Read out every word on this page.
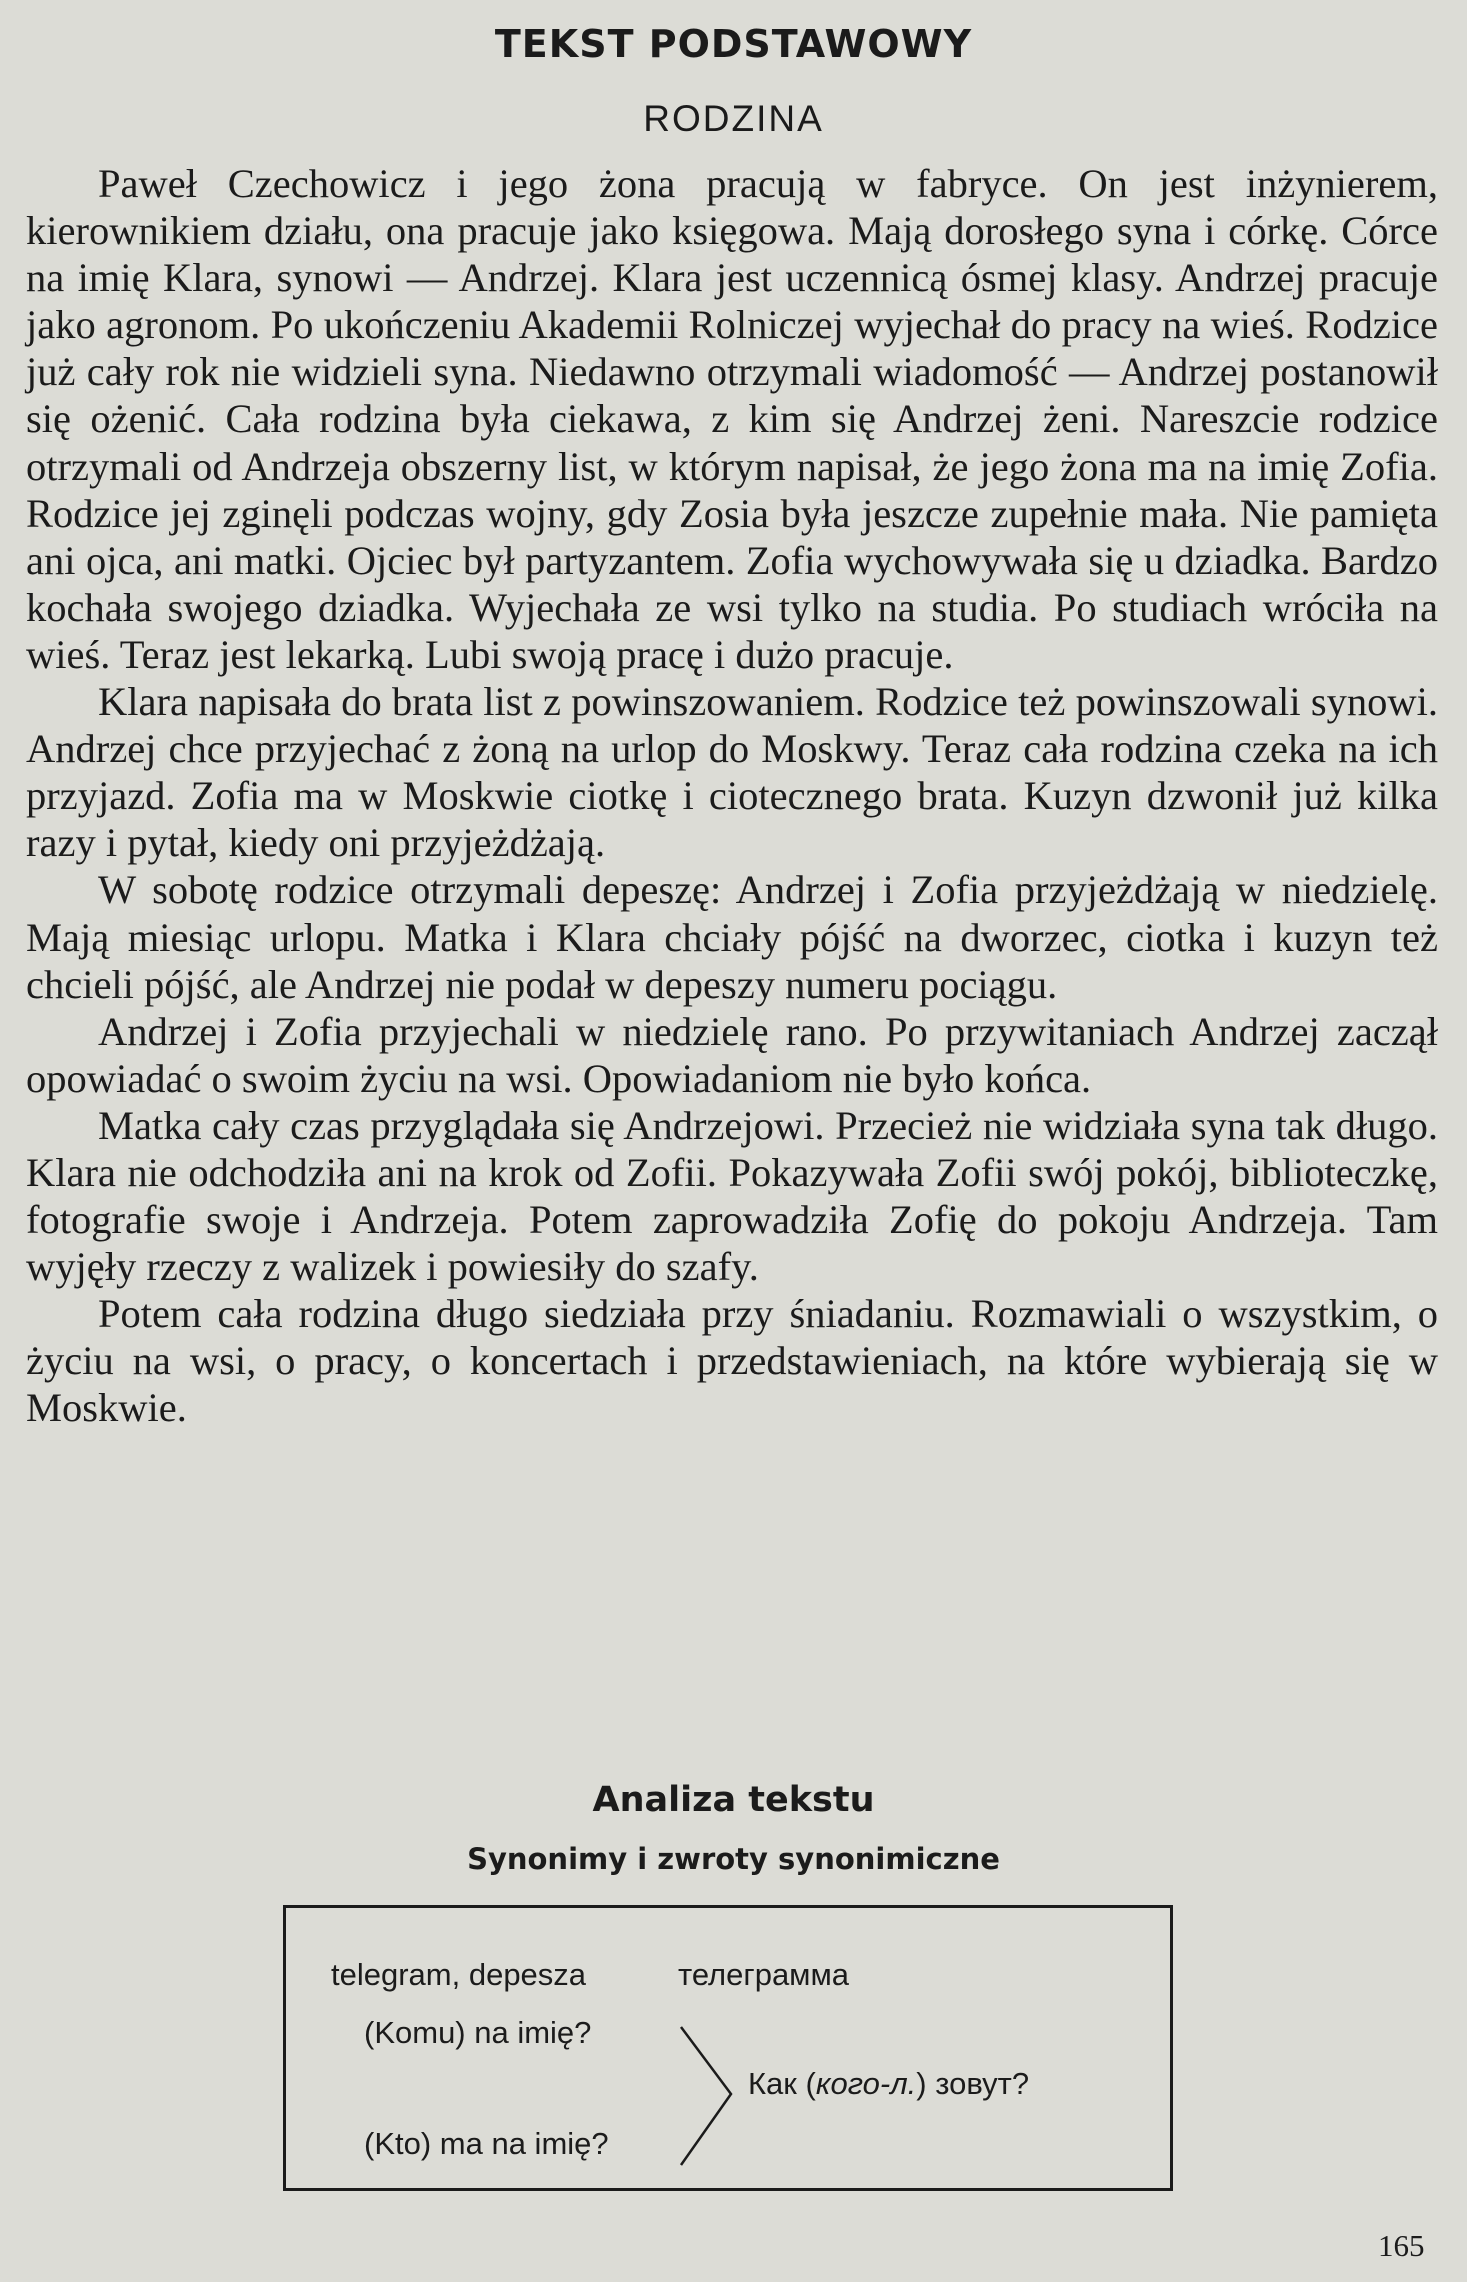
TEKST PODSTAWOWY
RODZINA

Paweł Czechowicz i jego żona pracują w fabryce. On jest inżynierem, kierownikiem działu, ona pracuje jako księgowa. Mają dorosłego syna i córkę. Córce na imię Klara, synowi — Andrzej. Klara jest uczennicą ósmej klasy. Andrzej pracuje jako agronom. Po ukończeniu Akademii Rolniczej wyjechał do pracy na wieś. Rodzice już cały rok nie widzieli syna. Niedawno otrzymali wiadomość — Andrzej postanowił się ożenić. Cała rodzina była ciekawa, z kim się Andrzej żeni. Nareszcie rodzice otrzymali od Andrzeja obszerny list, w którym napisał, że jego żona ma na imię Zofia. Rodzice jej zginęli podczas wojny, gdy Zosia była jeszcze zupełnie mała. Nie pamięta ani ojca, ani matki. Ojciec był partyzantem. Zofia wychowywała się u dziadka. Bardzo kochała swojego dziadka. Wyjechała ze wsi tylko na studia. Po studiach wróciła na wieś. Teraz jest lekarką. Lubi swoją pracę i dużo pracuje.

Klara napisała do brata list z powinszowaniem. Rodzice też powinszowali synowi. Andrzej chce przyjechać z żoną na urlop do Moskwy. Teraz cała rodzina czeka na ich przyjazd. Zofia ma w Moskwie ciotkę i ciotecznego brata. Kuzyn dzwonił już kilka razy i pytał, kiedy oni przyjeżdżają.

W sobotę rodzice otrzymali depeszę: Andrzej i Zofia przyjeżdżają w niedzielę. Mają miesiąc urlopu. Matka i Klara chciały pójść na dworzec, ciotka i kuzyn też chcieli pójść, ale Andrzej nie podał w depeszy numeru pociągu.

Andrzej i Zofia przyjechali w niedzielę rano. Po przywitaniach Andrzej zaczął opowiadać o swoim życiu na wsi. Opowiadaniom nie było końca.

Matka cały czas przyglądała się Andrzejowi. Przecież nie widziała syna tak długo. Klara nie odchodziła ani na krok od Zofii. Pokazywała Zofii swój pokój, biblioteczkę, fotografie swoje i Andrzeja. Potem zaprowadziła Zofię do pokoju Andrzeja. Tam wyjęły rzeczy z walizek i powiesiły do szafy.

Potem cała rodzina długo siedziała przy śniadaniu. Rozmawiali o wszystkim, o życiu na wsi, o pracy, o koncertach i przedstawieniach, na które wybierają się w Moskwie.

Analiza tekstu
Synonimy i zwroty synonimiczne
telegram, depesza	телеграмма
(Komu) na imię?
(Kto) ma na imię?
Как (кого-л.) зовут?
165
